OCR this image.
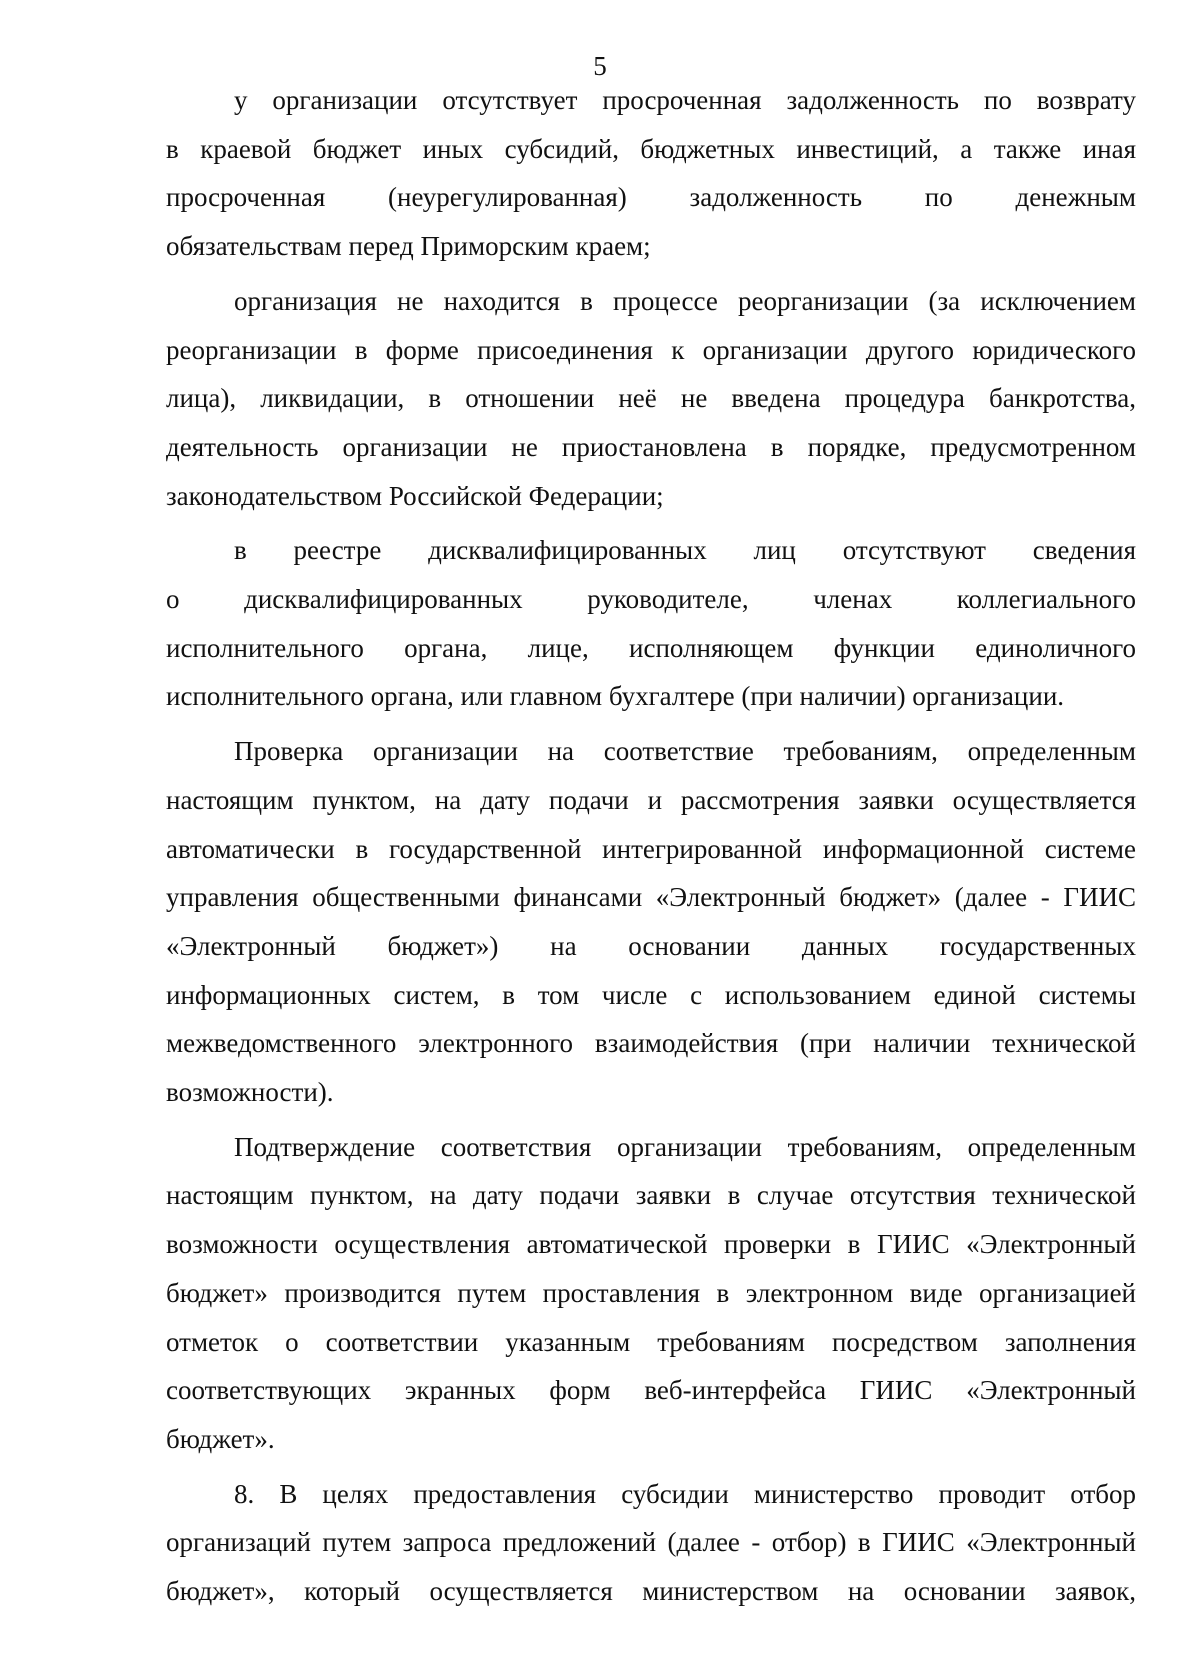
5
у организации отсутствует просроченная задолженность по возврату
в краевой бюджет иных субсидий, бюджетных инвестиций, а также иная
просроченная (неурегулированная) задолженность по денежным
обязательствам перед Приморским краем;
организация не находится в процессе реорганизации (за исключением
реорганизации в форме присоединения к организации другого юридического
лица), ликвидации, в отношении неё не введена процедура банкротства,
деятельность организации не приостановлена в порядке, предусмотренном
законодательством Российской Федерации;
в реестре дисквалифицированных лиц отсутствуют сведения
о дисквалифицированных руководителе, членах коллегиального
исполнительного органа, лице, исполняющем функции единоличного
исполнительного органа, или главном бухгалтере (при наличии) организации.
Проверка организации на соответствие требованиям, определенным
настоящим пунктом, на дату подачи и рассмотрения заявки осуществляется
автоматически в государственной интегрированной информационной системе
управления общественными финансами «Электронный бюджет» (далее - ГИИС
«Электронный бюджет») на основании данных государственных
информационных систем, в том числе с использованием единой системы
межведомственного электронного взаимодействия (при наличии технической
возможности).
Подтверждение соответствия организации требованиям, определенным
настоящим пунктом, на дату подачи заявки в случае отсутствия технической
возможности осуществления автоматической проверки в ГИИС «Электронный
бюджет» производится путем проставления в электронном виде организацией
отметок о соответствии указанным требованиям посредством заполнения
соответствующих экранных форм веб-интерфейса ГИИС «Электронный
бюджет».
8. В целях предоставления субсидии министерство проводит отбор
организаций путем запроса предложений (далее - отбор) в ГИИС «Электронный
бюджет», который осуществляется министерством на основании заявок,
